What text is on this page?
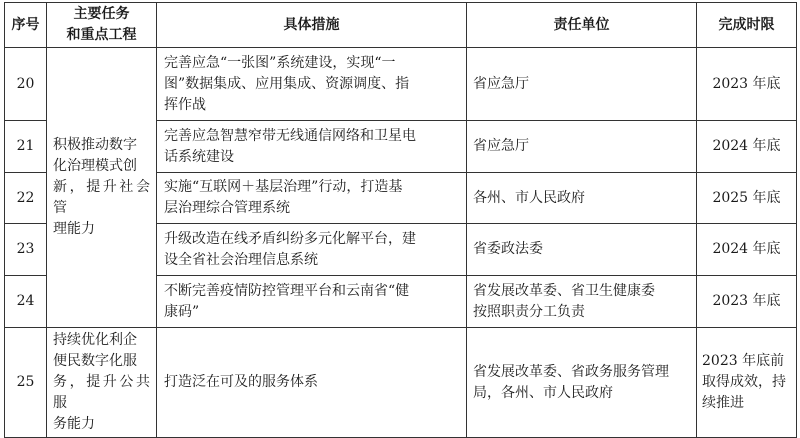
序号	主要任务
和重点工程	具体措施	责任单位	完成时限
20	积极推动数字
化治理模式创
新，提升社会管
理能力	完善应急“一张图”系统建设，实现“一
图”数据集成、应用集成、资源调度、指
挥作战	省应急厅	2023 年底

21		完善应急智慧窄带无线通信网络和卫星电
话系统建设	省应急厅	2024 年底

22		实施“互联网＋基层治理”行动，打造基
层治理综合管理系统	各州、市人民政府	2025 年底

23		升级改造在线矛盾纠纷多元化解平台，建
设全省社会治理信息系统	省委政法委	2024 年底

24		不断完善疫情防控管理平台和云南省“健
康码”	省发展改革委、省卫生健康委
按照职责分工负责	2023 年底

25	持续优化利企
便民数字化服
务，提升公共服
务能力	打造泛在可及的服务体系	省发展改革委、省政务服务管理
局，各州、市人民政府	2023 年底前
取得成效，持
续推进
